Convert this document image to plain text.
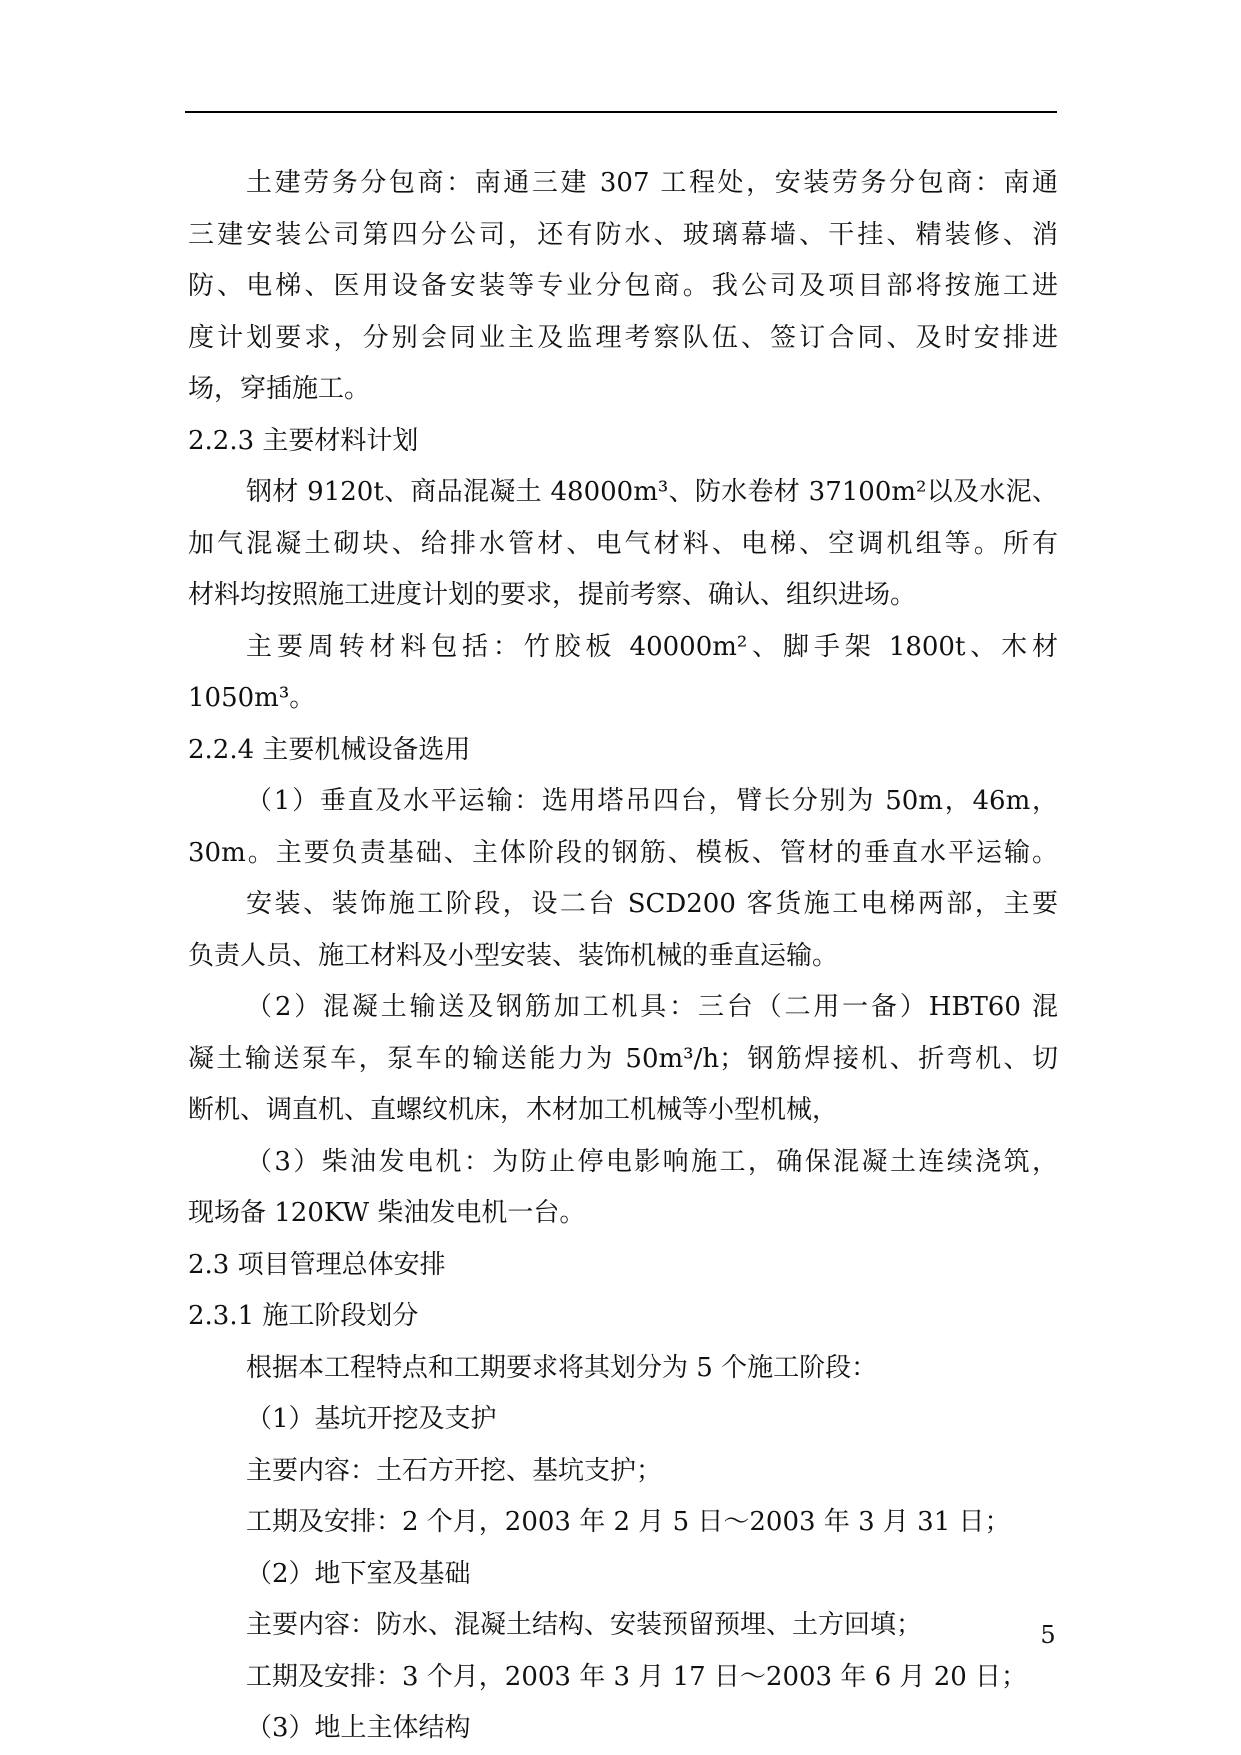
土建劳务分包商：南通三建 307 工程处，安装劳务分包商：南通
三建安装公司第四分公司，还有防水、玻璃幕墙、干挂、精装修、消
防、电梯、医用设备安装等专业分包商。我公司及项目部将按施工进
度计划要求，分别会同业主及监理考察队伍、签订合同、及时安排进
场，穿插施工。
2.2.3 主要材料计划
钢材 9120t、商品混凝土 48000m³、防水卷材 37100m²以及水泥、
加气混凝土砌块、给排水管材、电气材料、电梯、空调机组等。所有
材料均按照施工进度计划的要求，提前考察、确认、组织进场。
主要周转材料包括：竹胶板 40000m²、脚手架 1800t、木材
1050m³。
2.2.4 主要机械设备选用
（1）垂直及水平运输：选用塔吊四台，臂长分别为 50m，46m，
30m。主要负责基础、主体阶段的钢筋、模板、管材的垂直水平运输。
安装、装饰施工阶段，设二台 SCD200 客货施工电梯两部，主要
负责人员、施工材料及小型安装、装饰机械的垂直运输。
（2）混凝土输送及钢筋加工机具：三台（二用一备）HBT60 混
凝土输送泵车，泵车的输送能力为 50m³/h；钢筋焊接机、折弯机、切
断机、调直机、直螺纹机床，木材加工机械等小型机械，
（3）柴油发电机：为防止停电影响施工，确保混凝土连续浇筑，
现场备 120KW 柴油发电机一台。
2.3 项目管理总体安排
2.3.1 施工阶段划分
根据本工程特点和工期要求将其划分为 5 个施工阶段：
（1）基坑开挖及支护
主要内容：土石方开挖、基坑支护；
工期及安排：2 个月，2003 年 2 月 5 日～2003 年 3 月 31 日；
（2）地下室及基础
主要内容：防水、混凝土结构、安装预留预埋、土方回填；
工期及安排：3 个月，2003 年 3 月 17 日～2003 年 6 月 20 日；
（3）地上主体结构
5
